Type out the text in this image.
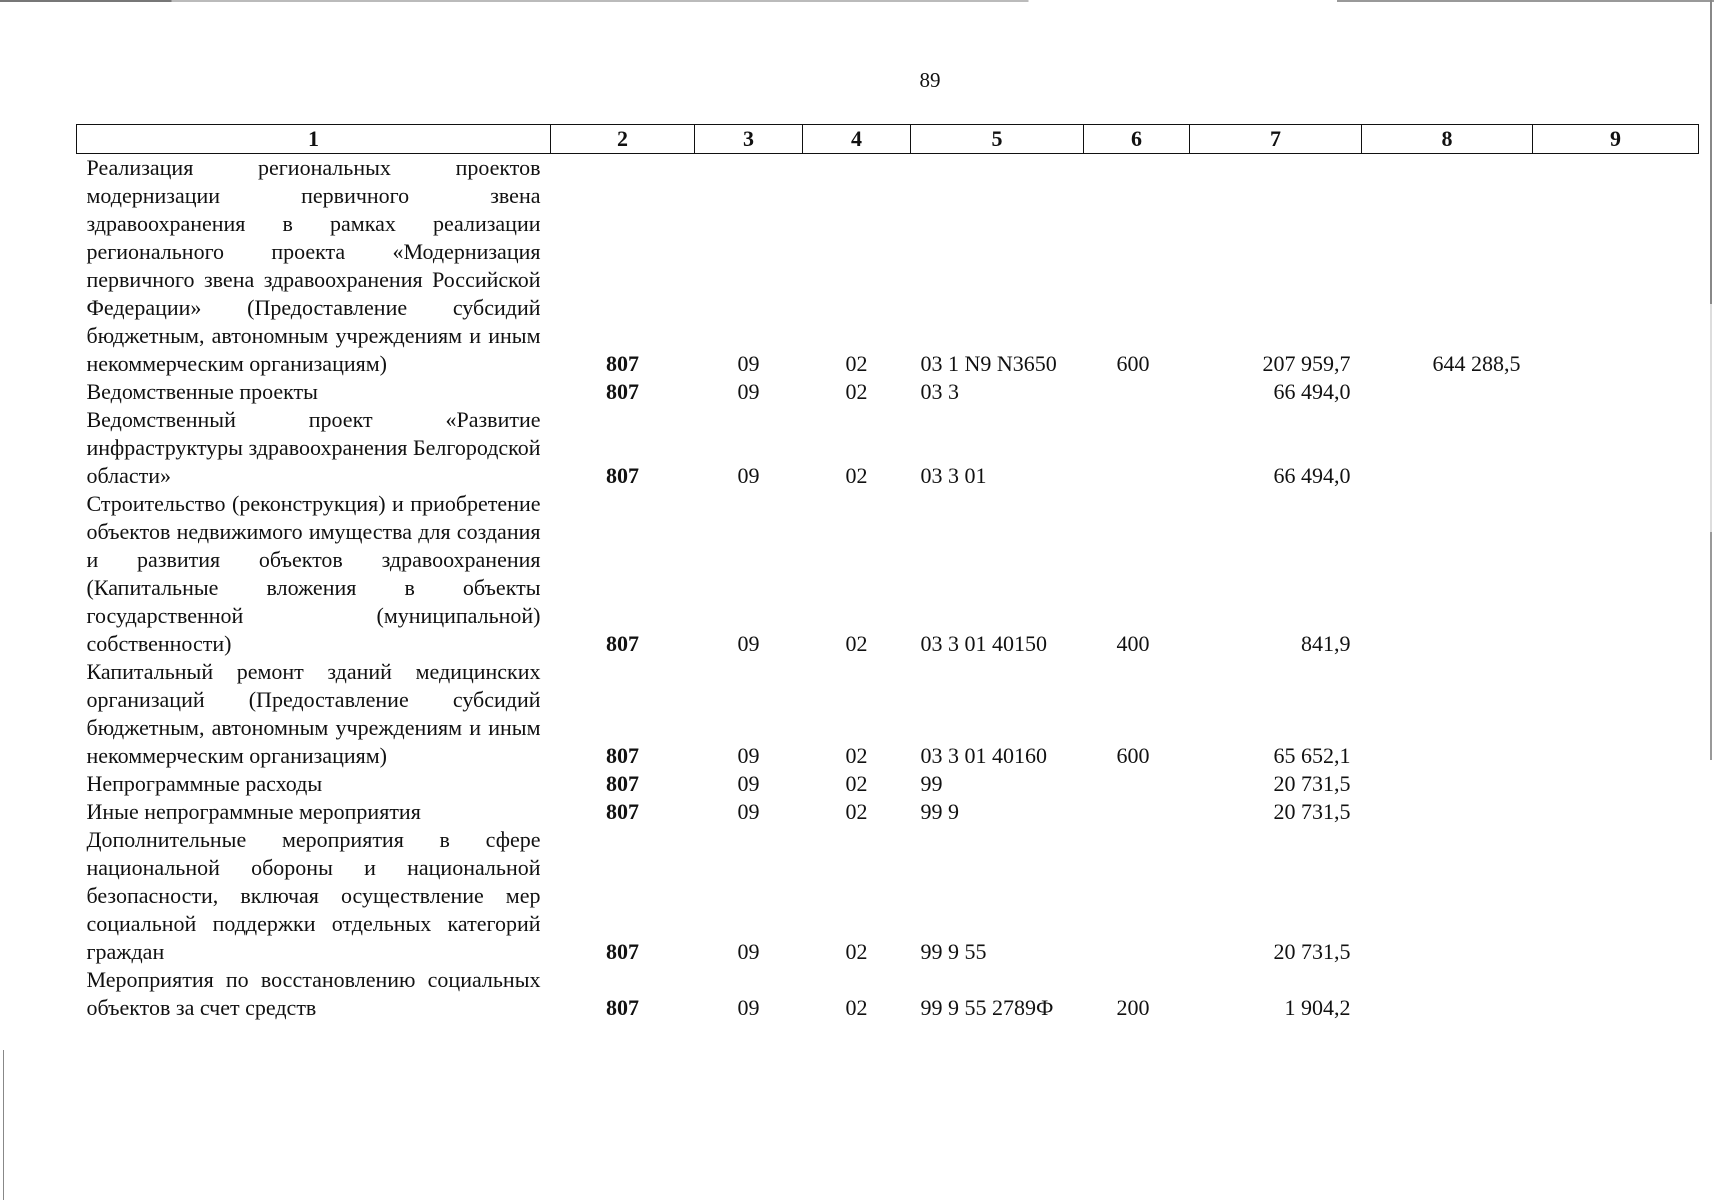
89
1	2	3	4	5	6	7	8	9
Реализация региональных проектов модернизации первичного звена здравоохранения в рамках реализации регионального проекта «Модернизация первичного звена здравоохранения Российской Федерации» (Предоставление субсидий бюджетным, автономным учреждениям и иным некоммерческим организациям)	807	09	02	03 1 N9 N3650	600	207 959,7	644 288,5	
Ведомственные проекты	807	09	02	03 3		66 494,0		
Ведомственный проект «Развитие инфраструктуры здравоохранения Белгородской области»	807	09	02	03 3 01		66 494,0		
Строительство (реконструкция) и приобретение объектов недвижимого имущества для создания и развития объектов здравоохранения (Капитальные вложения в объекты государственной (муниципальной) собственности)	807	09	02	03 3 01 40150	400	841,9		
Капитальный ремонт зданий медицинских организаций (Предоставление субсидий бюджетным, автономным учреждениям и иным некоммерческим организациям)	807	09	02	03 3 01 40160	600	65 652,1		
Непрограммные расходы	807	09	02	99		20 731,5		
Иные непрограммные мероприятия	807	09	02	99 9		20 731,5		
Дополнительные мероприятия в сфере национальной обороны и национальной безопасности, включая осуществление мер социальной поддержки отдельных категорий граждан	807	09	02	99 9 55		20 731,5		
Мероприятия по восстановлению социальных объектов за счет средств	807	09	02	99 9 55 2789Ф	200	1 904,2		
